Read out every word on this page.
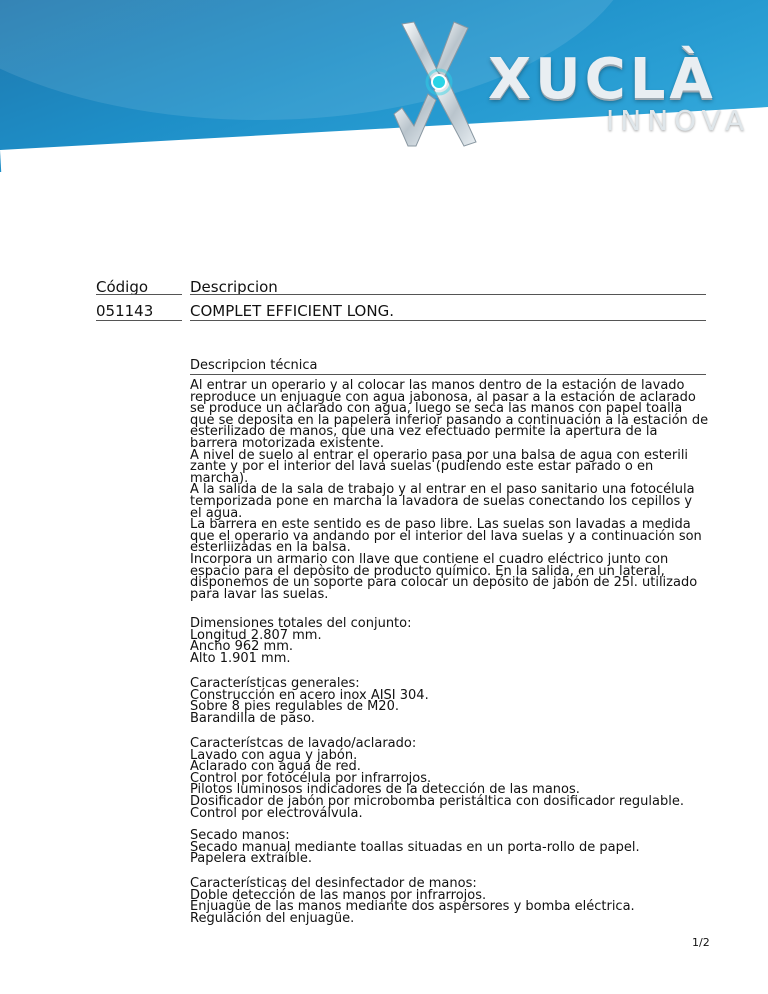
XUCLÀ
INNOVA
WASHING&HANDLING
Código	Descripcion
051143 COMPLET EFFICIENT LONG.
Descripcion técnica

Al entrar un operario y al colocar las manos dentro de la estación de lavado
reproduce un enjuague con agua jabonosa, al pasar a la estación de aclarado
se produce un aclarado con agua, luego se seca las manos con papel toalla
que se deposita en la papelera inferior pasando a continuación a la estación de
esterilizado de manos, que una vez efectuado permite la apertura de la
barrera motorizada existente.
A nivel de suelo al entrar el operario pasa por una balsa de agua con esterili
zante y por el interior del lava suelas (pudiendo este estar parado o en
marcha).
A la salida de la sala de trabajo y al entrar en el paso sanitario una fotocélula
temporizada pone en marcha la lavadora de suelas conectando los cepillos y
el agua.
La barrera en este sentido es de paso libre. Las suelas son lavadas a medida
que el operario va andando por el interior del lava suelas y a continuación son
esterliizadas en la balsa.
Incorpora un armario con llave que contiene el cuadro eléctrico junto con
espacio para el depòsito de producto químico. En la salida, en un lateral,
disponemos de un soporte para colocar un depósito de jabón de 25l. utilizado
para lavar las suelas.

Dimensiones totales del conjunto:
Longitud 2.807 mm.
Ancho 962 mm.
Alto 1.901 mm.

Características generales:
Construcción en acero inox AISI 304.
Sobre 8 pies regulables de M20.
Barandilla de paso.

Característcas de lavado/aclarado:
Lavado con agua y jabón.
Aclarado con agua de red.
Control por fotocélula por infrarrojos.
Pilotos luminosos indicadores de la detección de las manos.
Dosificador de jabón por microbomba peristáltica con dosificador regulable.
Control por electroválvula.

Secado manos:
Secado manual mediante toallas situadas en un porta-rollo de papel.
Papelera extraíble.

Características del desinfectador de manos:
Doble detección de las manos por infrarrojos.
Enjuagüe de las manos mediante dos aspersores y bomba eléctrica.
Regulación del enjuagüe.

1/2
